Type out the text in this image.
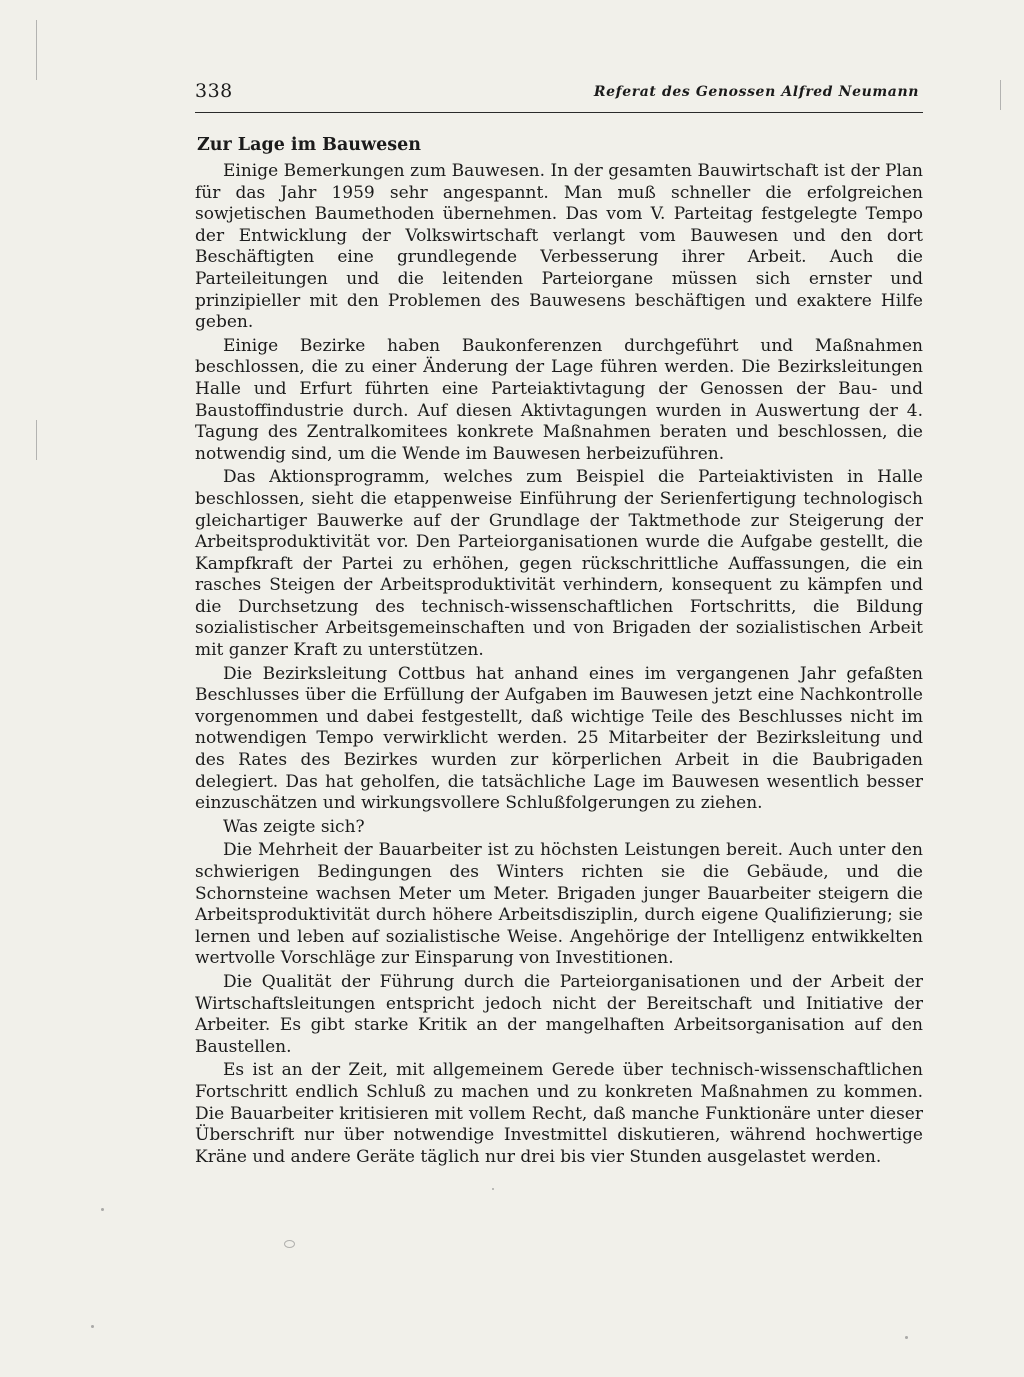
338	Referat des Genossen Alfred Neumann
Zur Lage im Bauwesen

Einige Bemerkungen zum Bauwesen. In der gesamten Bauwirtschaft ist der Plan für das Jahr 1959 sehr angespannt. Man muß schneller die erfolgreichen sowjetischen Baumethoden übernehmen. Das vom V. Parteitag festgelegte Tempo der Entwicklung der Volkswirtschaft verlangt vom Bauwesen und den dort Beschäftigten eine grundlegende Verbesserung ihrer Arbeit. Auch die Parteileitungen und die leitenden Parteiorgane müssen sich ernster und prinzipieller mit den Problemen des Bauwesens beschäftigen und exaktere Hilfe geben.

Einige Bezirke haben Baukonferenzen durchgeführt und Maßnahmen beschlossen, die zu einer Änderung der Lage führen werden. Die Bezirksleitungen Halle und Erfurt führten eine Parteiaktivtagung der Genossen der Bau- und Baustoffindustrie durch. Auf diesen Aktivtagungen wurden in Auswertung der 4. Tagung des Zentralkomitees konkrete Maßnahmen beraten und beschlossen, die notwendig sind, um die Wende im Bauwesen herbeizuführen.

Das Aktionsprogramm, welches zum Beispiel die Parteiaktivisten in Halle beschlossen, sieht die etappenweise Einführung der Serienfertigung technologisch gleichartiger Bauwerke auf der Grundlage der Taktmethode zur Steigerung der Arbeitsproduktivität vor. Den Parteiorganisationen wurde die Aufgabe gestellt, die Kampfkraft der Partei zu erhöhen, gegen rückschrittliche Auffassungen, die ein rasches Steigen der Arbeitsproduktivität verhindern, konsequent zu kämpfen und die Durchsetzung des technisch-wissenschaftlichen Fortschritts, die Bildung sozialistischer Arbeitsgemeinschaften und von Brigaden der sozialistischen Arbeit mit ganzer Kraft zu unterstützen.

Die Bezirksleitung Cottbus hat anhand eines im vergangenen Jahr gefaßten Beschlusses über die Erfüllung der Aufgaben im Bauwesen jetzt eine Nachkontrolle vorgenommen und dabei festgestellt, daß wichtige Teile des Beschlusses nicht im notwendigen Tempo verwirklicht werden. 25 Mitarbeiter der Bezirksleitung und des Rates des Bezirkes wurden zur körperlichen Arbeit in die Baubrigaden delegiert. Das hat geholfen, die tatsächliche Lage im Bauwesen wesentlich besser einzuschätzen und wirkungsvollere Schlußfolgerungen zu ziehen.

Was zeigte sich?

Die Mehrheit der Bauarbeiter ist zu höchsten Leistungen bereit. Auch unter den schwierigen Bedingungen des Winters richten sie die Gebäude, und die Schornsteine wachsen Meter um Meter. Brigaden junger Bauarbeiter steigern die Arbeitsproduktivität durch höhere Arbeitsdisziplin, durch eigene Qualifizierung; sie lernen und leben auf sozialistische Weise. Angehörige der Intelligenz entwikkelten wertvolle Vorschläge zur Einsparung von Investitionen.

Die Qualität der Führung durch die Parteiorganisationen und der Arbeit der Wirtschaftsleitungen entspricht jedoch nicht der Bereitschaft und Initiative der Arbeiter. Es gibt starke Kritik an der mangelhaften Arbeitsorganisation auf den Baustellen.

Es ist an der Zeit, mit allgemeinem Gerede über technisch-wissenschaftlichen Fortschritt endlich Schluß zu machen und zu konkreten Maßnahmen zu kommen. Die Bauarbeiter kritisieren mit vollem Recht, daß manche Funktionäre unter dieser Überschrift nur über notwendige Investmittel diskutieren, während hochwertige Kräne und andere Geräte täglich nur drei bis vier Stunden ausgelastet werden.
